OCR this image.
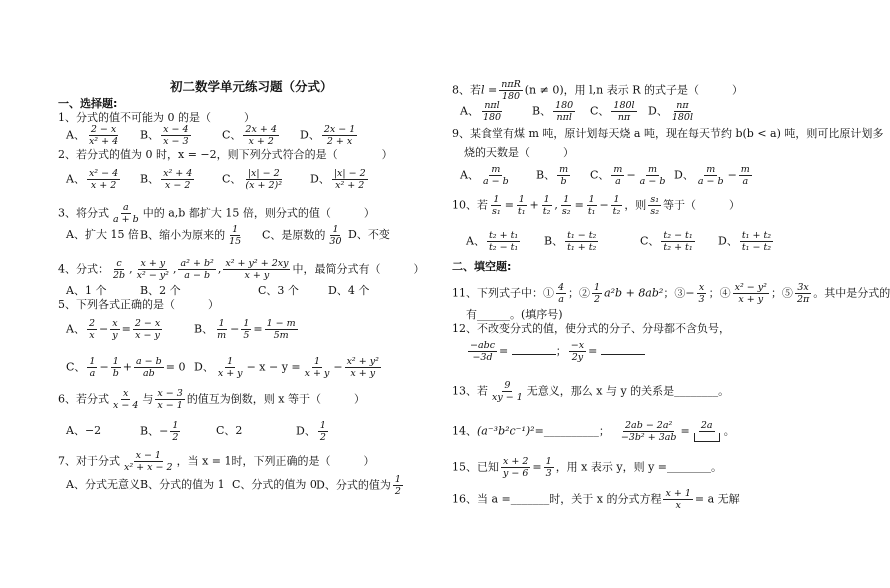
初二数学单元练习题（分式）
一、选择题:
1、分式的值不可能为 0 的是（　　　）
A、 $\frac{2 - x}{\text{x² + 4}}$ B、 $\frac{x - 4}{x - 3}$	C、 $\frac{2x + 4}{x + 2}$ D、 $\frac{2x - 1}{2 + x}$
2、若分式的值为 0 时，x = −2，则下列分式符合的是（　　　　）
A、 $\frac{\text{x² − 4}}{x + 2}$ B、 $\frac{\text{x² + 4}}{x - 2}$	C、 $\frac{|x| - 2}{\text{(x + 2)²}}$ D、 $\frac{|x| - 2}{\text{x² + 2}}$
3、将分式 $\frac{a}{a + b}$ 中的 a,b 都扩大 15 倍，则分式的值（　　　）
A、扩大 15 倍 B、缩小为原来的 $\frac{1}{15}$ C、是原数的 $\frac{1}{30}$ D、不变
4、分式： $\frac{c}{2b}$ , $\frac{x + y}{\text{x² − y²}}$ , $\frac{\text{a² + b²}}{a - b}$ , $\frac{\text{x² + y² + 2xy}}{x + y}$ 中，最简分式有（　　　）
A、1 个	B、2 个	C、3 个	D、4 个
5、下列各式正确的是（　　　）
A、 $\frac{2}{x} - \frac{x}{y} = \frac{2 - x}{x - y}$	B、 $\frac{1}{m} - \frac{1}{5} = \frac{1 - m}{5m}$
C、 $\frac{1}{a} - \frac{1}{b} + \frac{a - b}{ab} = 0$ D、 $\frac{1}{x + y} - x - y = \frac{1}{x + y} - \frac{\text{x² + y²}}{x + y}$
6、若分式 $\frac{x}{x - 4}$ 与 $\frac{x - 3}{x - 1}$ 的值互为倒数，则 x 等于（　　　）
A、−2	B、− $\frac{1}{2}$	C、2	D、 $\frac{1}{2}$
7、对于分式 $\frac{x - 1}{\text{x² + x − 2}}$ ，当 x = 1时，下列正确的是（　　　）
A、分式无意义 B、分式的值为 1 C、分式的值为 0 D、分式的值为 $\frac{1}{2}$
8、若$l = \frac{\text{nπR}}{180} (n \ne 0)$，用 l,n 表示 R 的式子是（　　　）
A、 $\frac{\text{nπl}}{180}$	B、 $\frac{180}{\text{nπl}}$ C、 $\frac{180l}{n\pi}$ D、 $\frac{n\pi}{180l}$
9、某食堂有煤 m 吨，原计划每天烧 a 吨，现在每天节约 b(b < a) 吨，则可比原计划多
烧的天数是（　　　）
A、 $\frac{m}{a - b}$ B、 $\frac{m}{b}$ C、 $\frac{m}{a} - \frac{m}{a - b}$ D、 $\frac{m}{a - b} - \frac{m}{a}$
10、若 $\frac{1}{\text{s₁}} = \frac{1}{\text{t₁}} + \frac{1}{\text{t₂}}$ , $\frac{1}{\text{s₂}} = \frac{1}{\text{t₁}} - \frac{1}{\text{t₂}}$ ，则 $\frac{\text{s₁}}{\text{s₂}}$ 等于（　　　）
A、 $\frac{\text{t₂ + t₁}}{\text{t₂ − t₁}}$ B、 $\frac{\text{t₁ − t₂}}{\text{t₁ + t₂}}$	C、 $\frac{\text{t₂ − t₁}}{\text{t₂ + t₁}}$ D、 $\frac{\text{t₁ + t₂}}{\text{t₁ − t₂}}$
二、填空题:
11、下列式子中：① $\frac{4}{a}$ ；② $\frac{1}{2} a^2b + 8ab^2$；③− $\frac{x}{3}$ ；④ $\frac{\text{x² − y²}}{x + y}$ ；⑤ $\frac{3x}{2\pi}$ 。其中是分式的
有______。(填序号)
12、不改变分式的值，使分式的分子、分母都不含负号，
$\frac{\text{−abc}}{-3d}$ =	； $\frac{-x}{2y}$ =
13、若 $\frac{9}{xy - 1}$ 无意义，那么 x 与 y 的关系是________。
14、(a⁻³b²c⁻¹)²=__________； $\frac{\text{2ab − 2a²}}{\text{−3b² + 3ab}} = 2a$ 。
15、已知 $\frac{x + 2}{y - 6} = \frac{1}{3}$ ，用 x 表示 y，则 y =________。
16、当 a =_______时，关于 x 的分式方程 $\frac{x + 1}{x} = a$ 无解
